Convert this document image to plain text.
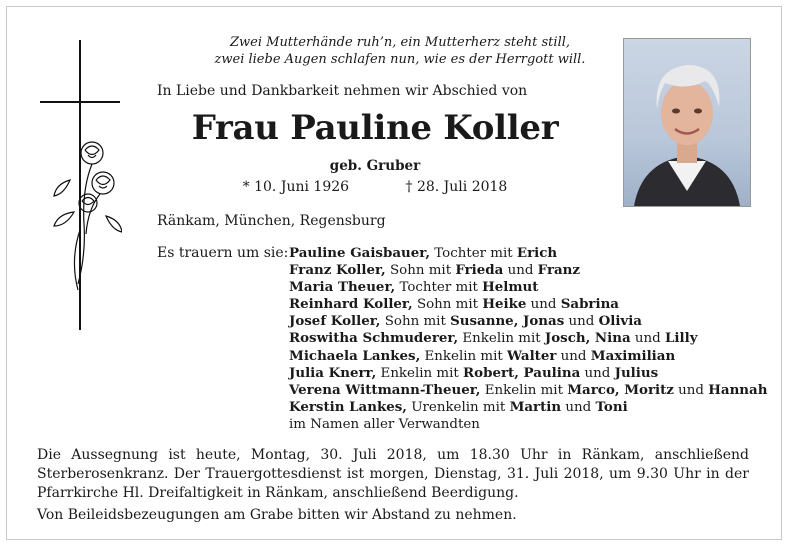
Zwei Mutterhände ruh’n, ein Mutterherz steht still,
zwei liebe Augen schlafen nun, wie es der Herrgott will.
In Liebe und Dankbarkeit nehmen wir Abschied von
Frau Pauline Koller
geb. Gruber
* 10. Juni 1926	† 28. Juli 2018
Ränkam, München, Regensburg
Es trauern um sie: Pauline Gaisbauer, Tochter mit Erich
Franz Koller, Sohn mit Frieda und Franz
Maria Theuer, Tochter mit Helmut
Reinhard Koller, Sohn mit Heike und Sabrina
Josef Koller, Sohn mit Susanne, Jonas und Olivia
Roswitha Schmuderer, Enkelin mit Josch, Nina und Lilly
Michaela Lankes, Enkelin mit Walter und Maximilian
Julia Knerr, Enkelin mit Robert, Paulina und Julius
Verena Wittmann-Theuer, Enkelin mit Marco, Moritz und Hannah
Kerstin Lankes, Urenkelin mit Martin und Toni
im Namen aller Verwandten

Die Aussegnung ist heute, Montag, 30. Juli 2018, um 18.30 Uhr in Ränkam, anschließend Sterberosenkranz. Der Trauergottesdienst ist morgen, Dienstag, 31. Juli 2018, um 9.30 Uhr in der Pfarrkirche Hl. Dreifaltigkeit in Ränkam, anschließend Beerdigung.

Von Beileidsbezeugungen am Grabe bitten wir Abstand zu nehmen.
